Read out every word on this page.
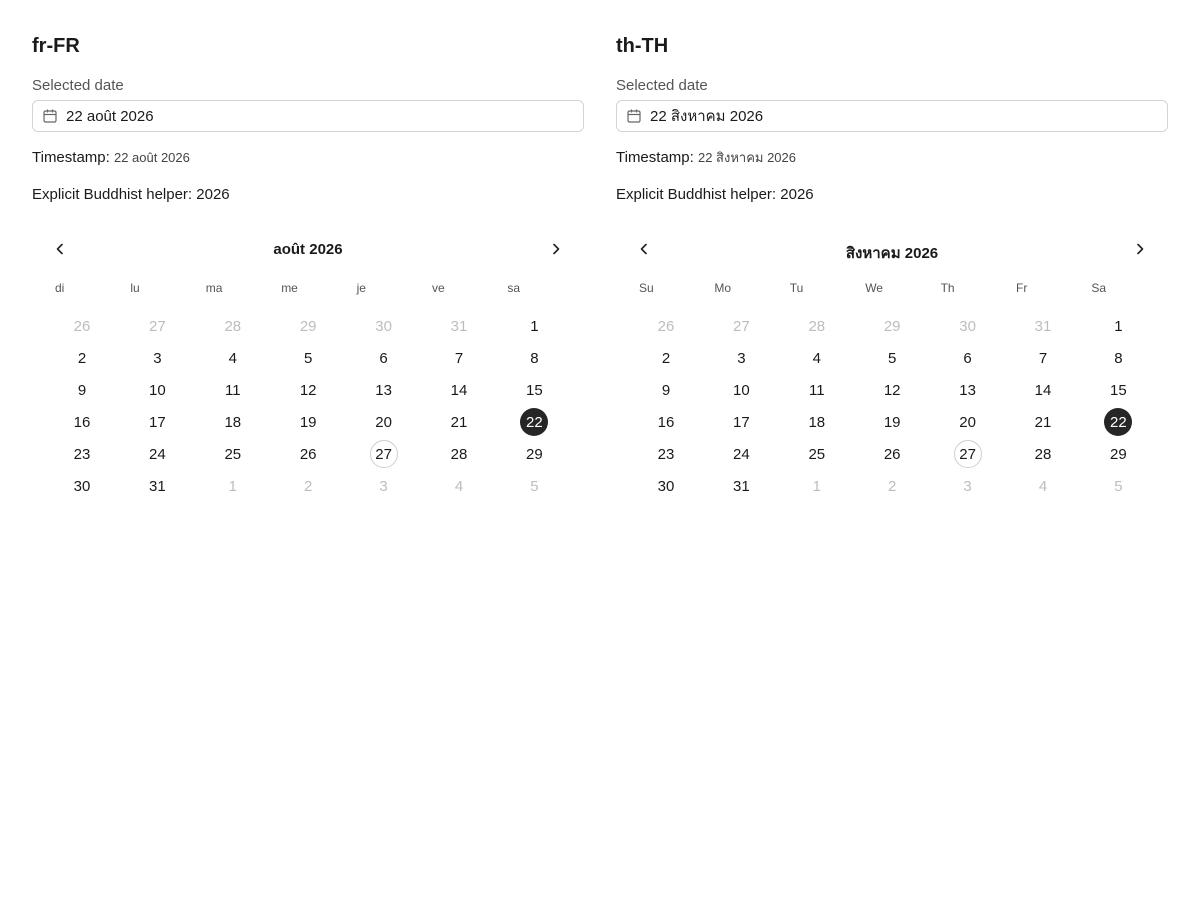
fr-FR
Selected date
22 août 2026
Timestamp: 22 août 2026
Explicit Buddhist helper: 2026
août 2026
di	lu	ma	me	je	ve	sa
26	27	28	29	30	31	1
2	3	4	5	6	7	8
9	10	11	12	13	14	15
16	17	18	19	20	21	22
23	24	25	26	27	28	29
30	31	1	2	3	4	5
th-TH
Selected date
22 สิงหาคม 2026
Timestamp: 22 สิงหาคม 2026
Explicit Buddhist helper: 2026
สิงหาคม 2026
Su	Mo	Tu	We	Th	Fr	Sa
26	27	28	29	30	31	1
2	3	4	5	6	7	8
9	10	11	12	13	14	15
16	17	18	19	20	21	22
23	24	25	26	27	28	29
30	31	1	2	3	4	5
